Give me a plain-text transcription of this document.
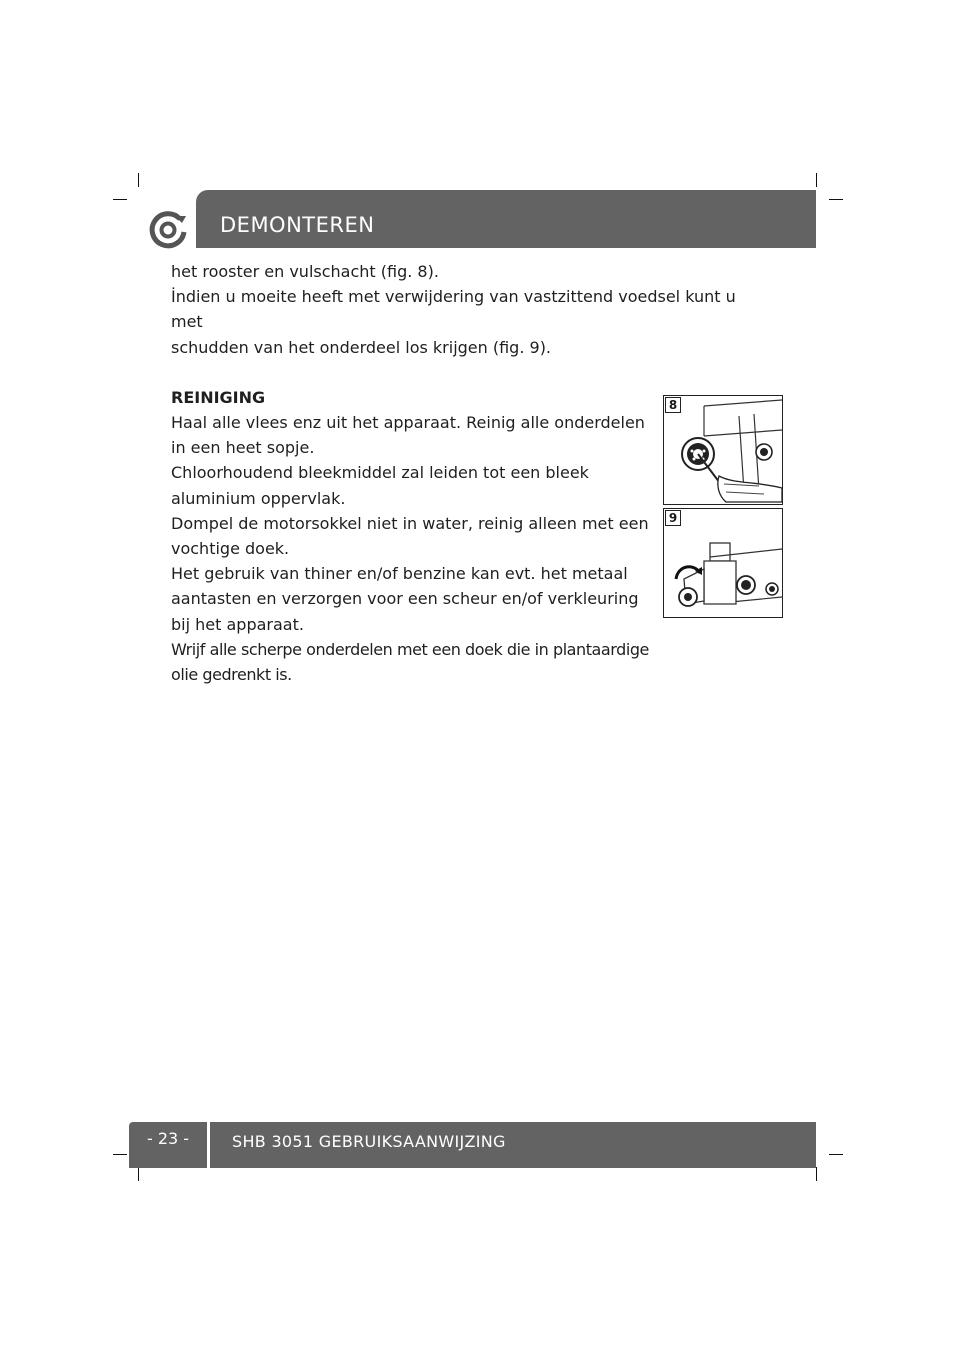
DEMONTEREN

het rooster en vulschacht (fig. 8).

İndien u moeite heeft met verwijdering van vastzittend voedsel kunt u met

schudden van het onderdeel los krijgen (fig. 9).

REINIGING

Haal alle vlees enz uit het apparaat. Reinig alle onderdelen in een heet sopje.

Chloorhoudend bleekmiddel zal leiden tot een bleek aluminium oppervlak.

Dompel de motorsokkel niet in water, reinig alleen met een vochtige doek.

Het gebruik van thiner en/of benzine kan evt. het metaal aantasten en verzorgen voor een scheur en/of verkleuring bij het apparaat.

Wrijf alle scherpe onderdelen met een doek die in plantaardige olie gedrenkt is.

8
9
- 23 -	SHB 3051 GEBRUIKSAANWIJZING
